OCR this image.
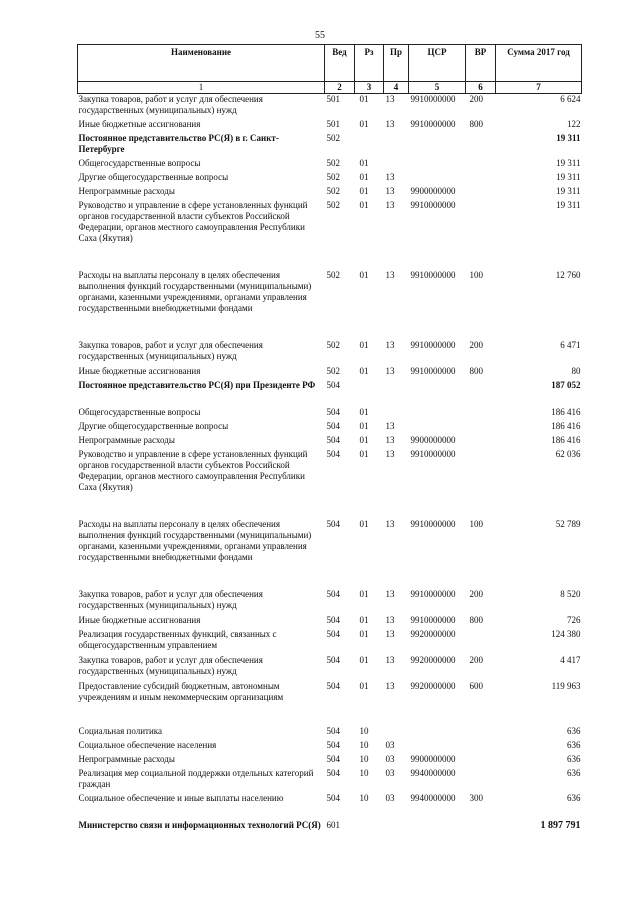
55
Наименование	Вед	Рз	Пр	ЦСР	ВР	Сумма 2017 год
1	2	3	4	5	6	7
Закупка товаров, работ и услуг для обеспечения государственных (муниципальных) нужд	501	01	13	9910000000	200	6 624
Иные бюджетные ассигнования	501	01	13	9910000000	800	122
Постоянное представительство РС(Я) в г. Санкт-Петербурге	502					19 311
Общегосударственные вопросы	502	01				19 311
Другие общегосударственные вопросы	502	01	13			19 311
Непрограммные расходы	502	01	13	9900000000		19 311
Руководство и управление в сфере установленных функций органов государственной власти субъектов Российской Федерации, органов местного самоуправления Республики Саха (Якутия)	502	01	13	9910000000		19 311
Расходы на выплаты персоналу в целях обеспечения выполнения функций государственными (муниципальными) органами, казенными учреждениями, органами управления государственными внебюджетными фондами	502	01	13	9910000000	100	12 760
Закупка товаров, работ и услуг для обеспечения государственных (муниципальных) нужд	502	01	13	9910000000	200	6 471
Иные бюджетные ассигнования	502	01	13	9910000000	800	80
Постоянное представительство РС(Я) при Президенте РФ	504					187 052
Общегосударственные вопросы	504	01				186 416
Другие общегосударственные вопросы	504	01	13			186 416
Непрограммные расходы	504	01	13	9900000000		186 416
Руководство и управление в сфере установленных функций органов государственной власти субъектов Российской Федерации, органов местного самоуправления Республики Саха (Якутия)	504	01	13	9910000000		62 036
Расходы на выплаты персоналу в целях обеспечения выполнения функций государственными (муниципальными) органами, казенными учреждениями, органами управления государственными внебюджетными фондами	504	01	13	9910000000	100	52 789
Закупка товаров, работ и услуг для обеспечения государственных (муниципальных) нужд	504	01	13	9910000000	200	8 520
Иные бюджетные ассигнования	504	01	13	9910000000	800	726
Реализация государственных функций, связанных с общегосударственным управлением	504	01	13	9920000000		124 380
Закупка товаров, работ и услуг для обеспечения государственных (муниципальных) нужд	504	01	13	9920000000	200	4 417
Предоставление субсидий бюджетным, автономным учреждениям и иным некоммерческим организациям	504	01	13	9920000000	600	119 963
Социальная политика	504	10				636
Социальное обеспечение населения	504	10	03			636
Непрограммные расходы	504	10	03	9900000000		636
Реализация мер социальной поддержки отдельных категорий граждан	504	10	03	9940000000		636
Социальное обеспечение и иные выплаты населению	504	10	03	9940000000	300	636
Министерство связи и информационных технологий РС(Я)	601					1 897 791
